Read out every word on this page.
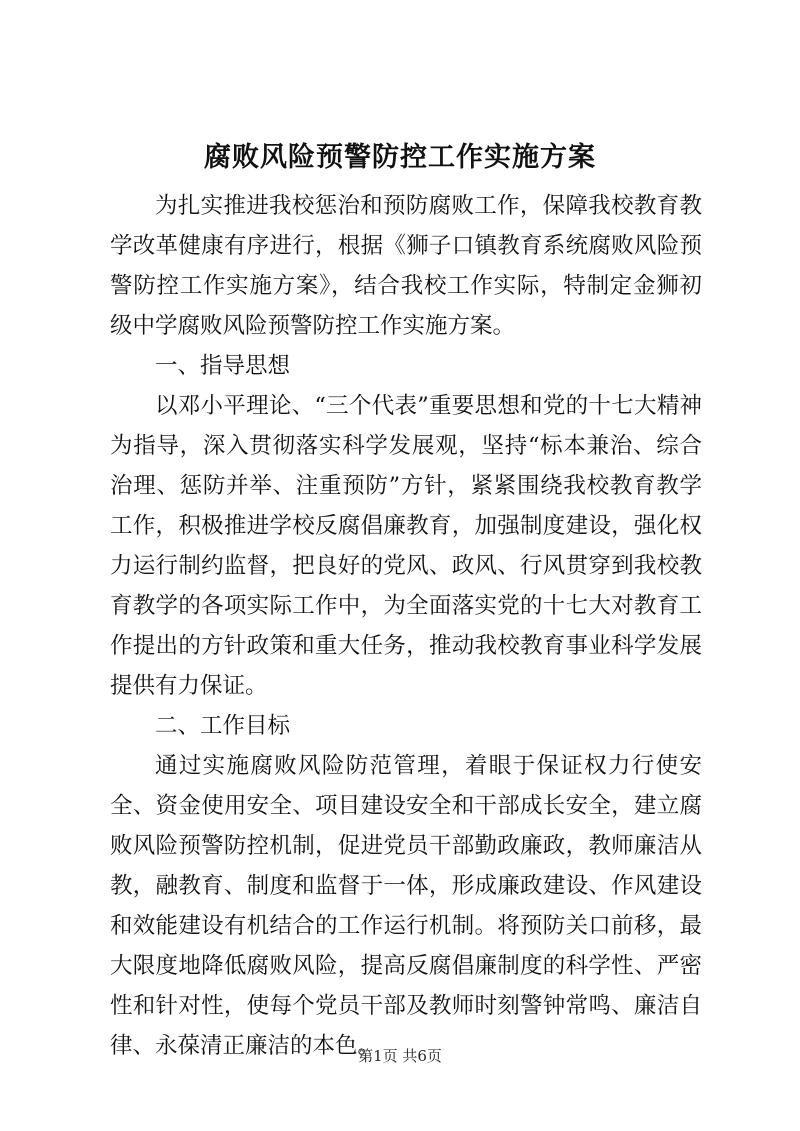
腐败风险预警防控工作实施方案

为扎实推进我校惩治和预防腐败工作，保障我校教育教学改革健康有序进行，根据《狮子口镇教育系统腐败风险预警防控工作实施方案》，结合我校工作实际，特制定金狮初级中学腐败风险预警防控工作实施方案。

一、指导思想

以邓小平理论、“三个代表”重要思想和党的十七大精神为指导，深入贯彻落实科学发展观，坚持“标本兼治、综合治理、惩防并举、注重预防”方针，紧紧围绕我校教育教学工作，积极推进学校反腐倡廉教育，加强制度建设，强化权力运行制约监督，把良好的党风、政风、行风贯穿到我校教育教学的各项实际工作中，为全面落实党的十七大对教育工作提出的方针政策和重大任务，推动我校教育事业科学发展提供有力保证。

二、工作目标

通过实施腐败风险防范管理，着眼于保证权力行使安全、资金使用安全、项目建设安全和干部成长安全，建立腐败风险预警防控机制，促进党员干部勤政廉政，教师廉洁从教，融教育、制度和监督于一体，形成廉政建设、作风建设和效能建设有机结合的工作运行机制。将预防关口前移，最大限度地降低腐败风险，提高反腐倡廉制度的科学性、严密性和针对性，使每个党员干部及教师时刻警钟常鸣、廉洁自律、永葆清正廉洁的本色。

第1页 共6页
